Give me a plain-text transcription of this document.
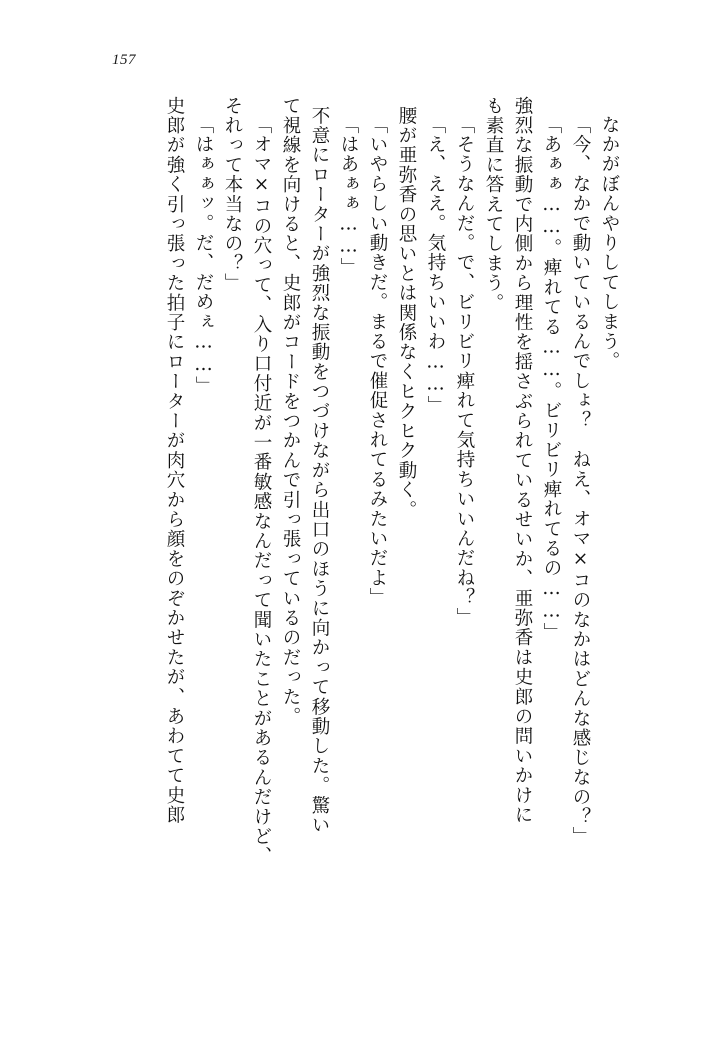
157
なかがぼんやりしてしまう。
「今、なかで動いているんでしょ？　ねえ、オマ×コのなかはどんな感じなの？」
「あぁぁ……。痺れてる……。ビリビリ痺れてるの……」
強烈な振動で内側から理性を揺さぶられているせいか、亜弥香は史郎の問いかけに
も素直に答えてしまう。
「そうなんだ。で、ビリビリ痺れて気持ちいいんだね？」
「え、ええ。気持ちいいわ……」
腰が亜弥香の思いとは関係なくヒクヒク動く。
「いやらしい動きだ。まるで催促されてるみたいだよ」
「はあぁぁ……」
不意にローターが強烈な振動をつづけながら出口のほうに向かって移動した。驚い
て視線を向けると、史郎がコードをつかんで引っ張っているのだった。
「オマ×コの穴って、入り口付近が一番敏感なんだって聞いたことがあるんだけど、
それって本当なの？」
「はぁぁッ。だ、だめぇ……」
史郎が強く引っ張った拍子にローターが肉穴から顔をのぞかせたが、あわてて史郎
